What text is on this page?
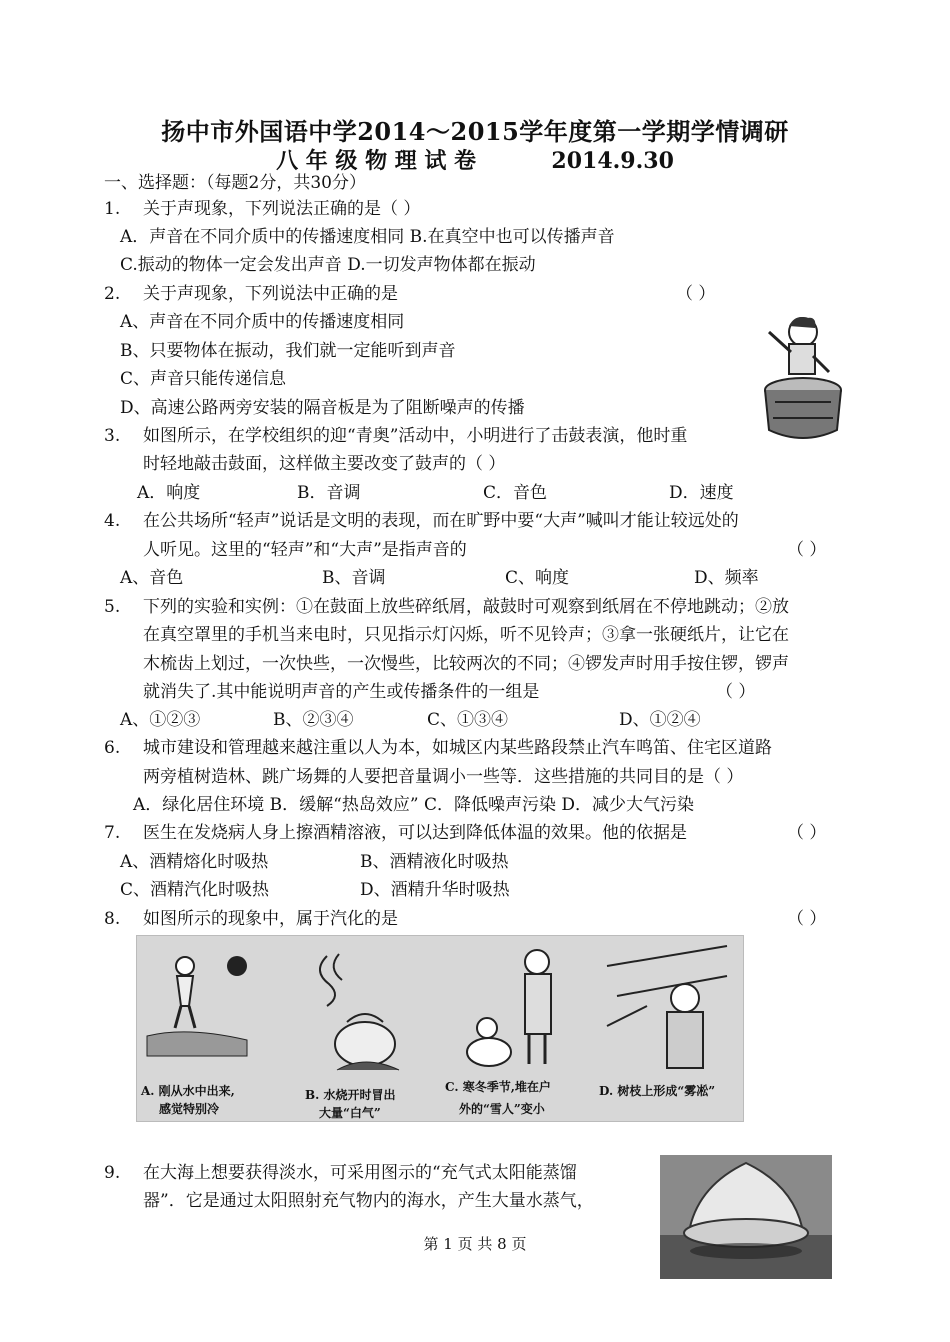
扬中市外国语中学2014～2015学年度第一学期学情调研
八 年 级 物 理 试 卷	2014.9.30
一、选择题：（每题2分，共30分）
1. 关于声现象，下列说法正确的是（ ）
A．声音在不同介质中的传播速度相同 B.在真空中也可以传播声音
C.振动的物体一定会发出声音 D.一切发声物体都在振动
2. 关于声现象，下列说法中正确的是	（ ）
A、声音在不同介质中的传播速度相同
B、只要物体在振动，我们就一定能听到声音
C、声音只能传递信息
D、高速公路两旁安装的隔音板是为了阻断噪声的传播
3. 如图所示，在学校组织的迎“青奥”活动中，小明进行了击鼓表演，他时重
时轻地敲击鼓面，这样做主要改变了鼓声的（ ）
A．响度	B．音调	C．音色	D．速度
4. 在公共场所“轻声”说话是文明的表现，而在旷野中要“大声”喊叫才能让较远处的
人听见。这里的“轻声”和“大声”是指声音的	（ ）
A、音色	B、音调	C、响度	D、频率
5. 下列的实验和实例：①在鼓面上放些碎纸屑，敲鼓时可观察到纸屑在不停地跳动；②放
在真空罩里的手机当来电时，只见指示灯闪烁，听不见铃声；③拿一张硬纸片，让它在
木梳齿上划过，一次快些，一次慢些，比较两次的不同；④锣发声时用手按住锣，锣声
就消失了.其中能说明声音的产生或传播条件的一组是	（ ）
A、①②③	B、②③④	C、①③④	D、①②④
6. 城市建设和管理越来越注重以人为本，如城区内某些路段禁止汽车鸣笛、住宅区道路
两旁植树造林、跳广场舞的人要把音量调小一些等．这些措施的共同目的是（ ）
A．绿化居住环境 B．缓解“热岛效应” C．降低噪声污染 D．减少大气污染
7. 医生在发烧病人身上擦酒精溶液，可以达到降低体温的效果。他的依据是	（ ）
A、酒精熔化时吸热	B、酒精液化时吸热
C、酒精汽化时吸热	D、酒精升华时吸热
8. 如图所示的现象中，属于汽化的是	（ ）
A. 刚从水中出来,
感觉特别冷
B. 水烧开时冒出
大量“白气”
C. 寒冬季节,堆在户
外的“雪人”变小
D. 树枝上形成“雾凇”
9. 在大海上想要获得淡水，可采用图示的“充气式太阳能蒸馏
器”．它是通过太阳照射充气物内的海水，产生大量水蒸气，
第 1 页 共 8 页
